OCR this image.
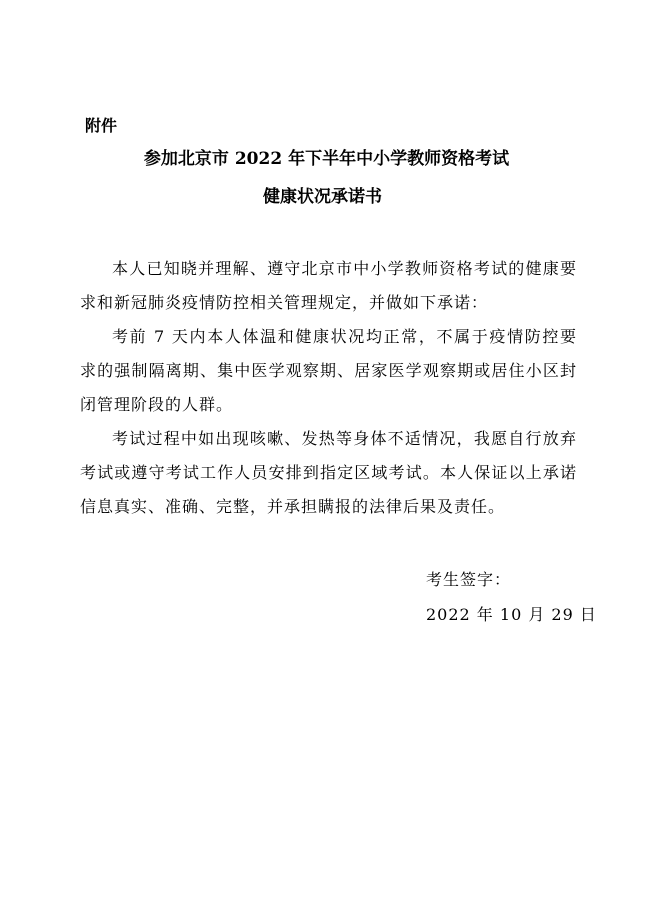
附件
参加北京市 2022 年下半年中小学教师资格考试
健康状况承诺书

本人已知晓并理解、遵守北京市中小学教师资格考试的健康要求和新冠肺炎疫情防控相关管理规定，并做如下承诺：

考前 7 天内本人体温和健康状况均正常，不属于疫情防控要求的强制隔离期、集中医学观察期、居家医学观察期或居住小区封闭管理阶段的人群。

考试过程中如出现咳嗽、发热等身体不适情况，我愿自行放弃考试或遵守考试工作人员安排到指定区域考试。本人保证以上承诺信息真实、准确、完整，并承担瞒报的法律后果及责任。

考生签字：
2022 年 10 月 29 日
